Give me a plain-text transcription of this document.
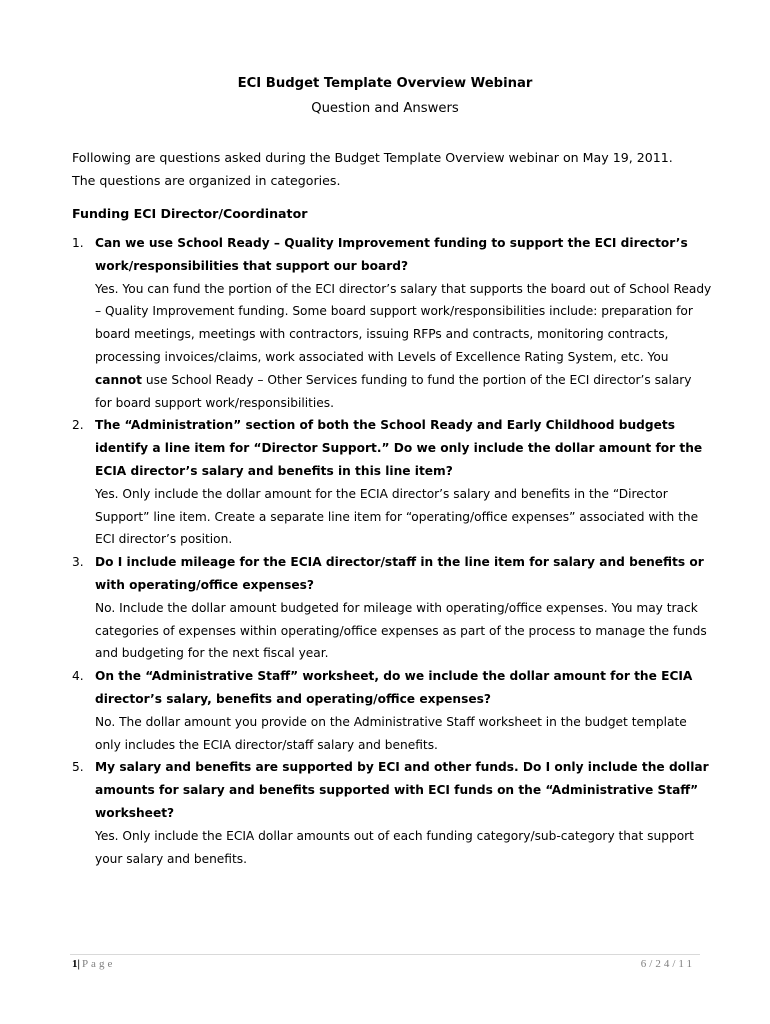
ECI Budget Template Overview Webinar
Question and Answers
Following are questions asked during the Budget Template Overview webinar on May 19, 2011.
The questions are organized in categories.
Funding ECI Director/Coordinator
1. Can we use School Ready – Quality Improvement funding to support the ECI director’s work/responsibilities that support our board?
Yes. You can fund the portion of the ECI director’s salary that supports the board out of School Ready – Quality Improvement funding. Some board support work/responsibilities include: preparation for board meetings, meetings with contractors, issuing RFPs and contracts, monitoring contracts, processing invoices/claims, work associated with Levels of Excellence Rating System, etc. You cannot use School Ready – Other Services funding to fund the portion of the ECI director’s salary for board support work/responsibilities.
2. The “Administration” section of both the School Ready and Early Childhood budgets identify a line item for “Director Support.” Do we only include the dollar amount for the ECIA director’s salary and benefits in this line item?
Yes. Only include the dollar amount for the ECIA director’s salary and benefits in the “Director Support” line item. Create a separate line item for “operating/office expenses” associated with the ECI director’s position.
3. Do I include mileage for the ECIA director/staff in the line item for salary and benefits or with operating/office expenses?
No. Include the dollar amount budgeted for mileage with operating/office expenses. You may track categories of expenses within operating/office expenses as part of the process to manage the funds and budgeting for the next fiscal year.
4. On the “Administrative Staff” worksheet, do we include the dollar amount for the ECIA director’s salary, benefits and operating/office expenses?
No. The dollar amount you provide on the Administrative Staff worksheet in the budget template only includes the ECIA director/staff salary and benefits.
5. My salary and benefits are supported by ECI and other funds. Do I only include the dollar amounts for salary and benefits supported with ECI funds on the “Administrative Staff” worksheet?
Yes. Only include the ECIA dollar amounts out of each funding category/sub-category that support your salary and benefits.
1| Page	6/24/11
